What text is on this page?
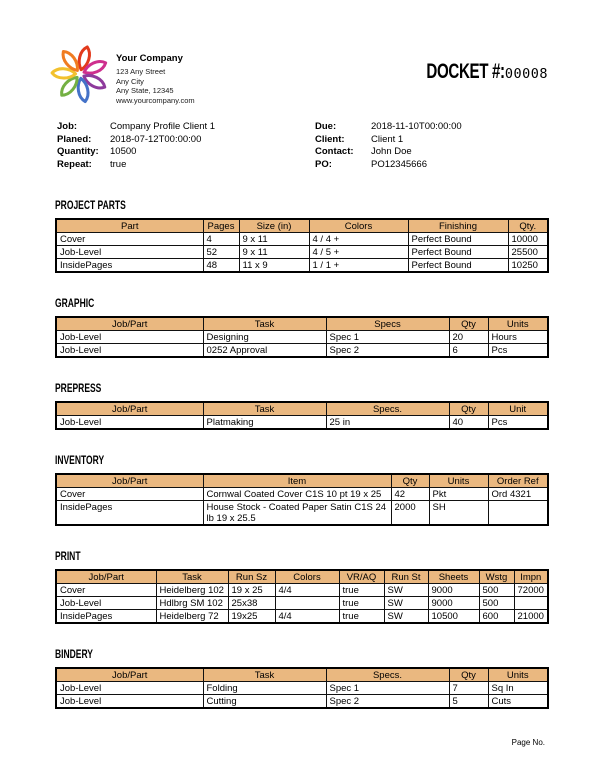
Your Company
123 Any Street
Any City
Any State, 12345
www.yourcompany.com
DOCKET #: 00008
Job:	Company Profile Client 1
Planed:	2018-07-12T00:00:00
Quantity:	10500
Repeat:	true
Due:	2018-11-10T00:00:00
Client:	Client 1
Contact:	John Doe
PO:	PO12345666
PROJECT PARTS
Part	Pages	Size (in)	Colors	Finishing	Qty.
Cover	4	9 x 11	4 / 4 +	Perfect Bound	10000
Job-Level	52	9 x 11	4 / 5 +	Perfect Bound	25500
InsidePages	48	11 x 9	1 / 1 +	Perfect Bound	10250
GRAPHIC
Job/Part	Task	Specs	Qty	Units
Job-Level	Designing	Spec 1	20	Hours
Job-Level	0252 Approval	Spec 2	6	Pcs
PREPRESS
Job/Part	Task	Specs.	Qty	Unit
Job-Level	Platmaking	25 in	40	Pcs
INVENTORY
Job/Part	Item	Qty	Units	Order Ref
Cover	Cornwal Coated Cover C1S 10 pt 19 x 25	42	Pkt	Ord 4321
InsidePages	House Stock - Coated Paper Satin C1S 24 lb 19 x 25.5	2000	SH	
PRINT
Job/Part	Task	Run Sz	Colors	VR/AQ	Run St	Sheets	Wstg	Impn
Cover	Heidelberg 102	19 x 25	4/4	true	SW	9000	500	72000
Job-Level	Hdlbrg SM 102	25x38		true	SW	9000	500	
InsidePages	Heidelberg 72	19x25	4/4	true	SW	10500	600	21000
BINDERY
Job/Part	Task	Specs.	Qty	Units
Job-Level	Folding	Spec 1	7	Sq In
Job-Level	Cutting	Spec 2	5	Cuts
Page No.
